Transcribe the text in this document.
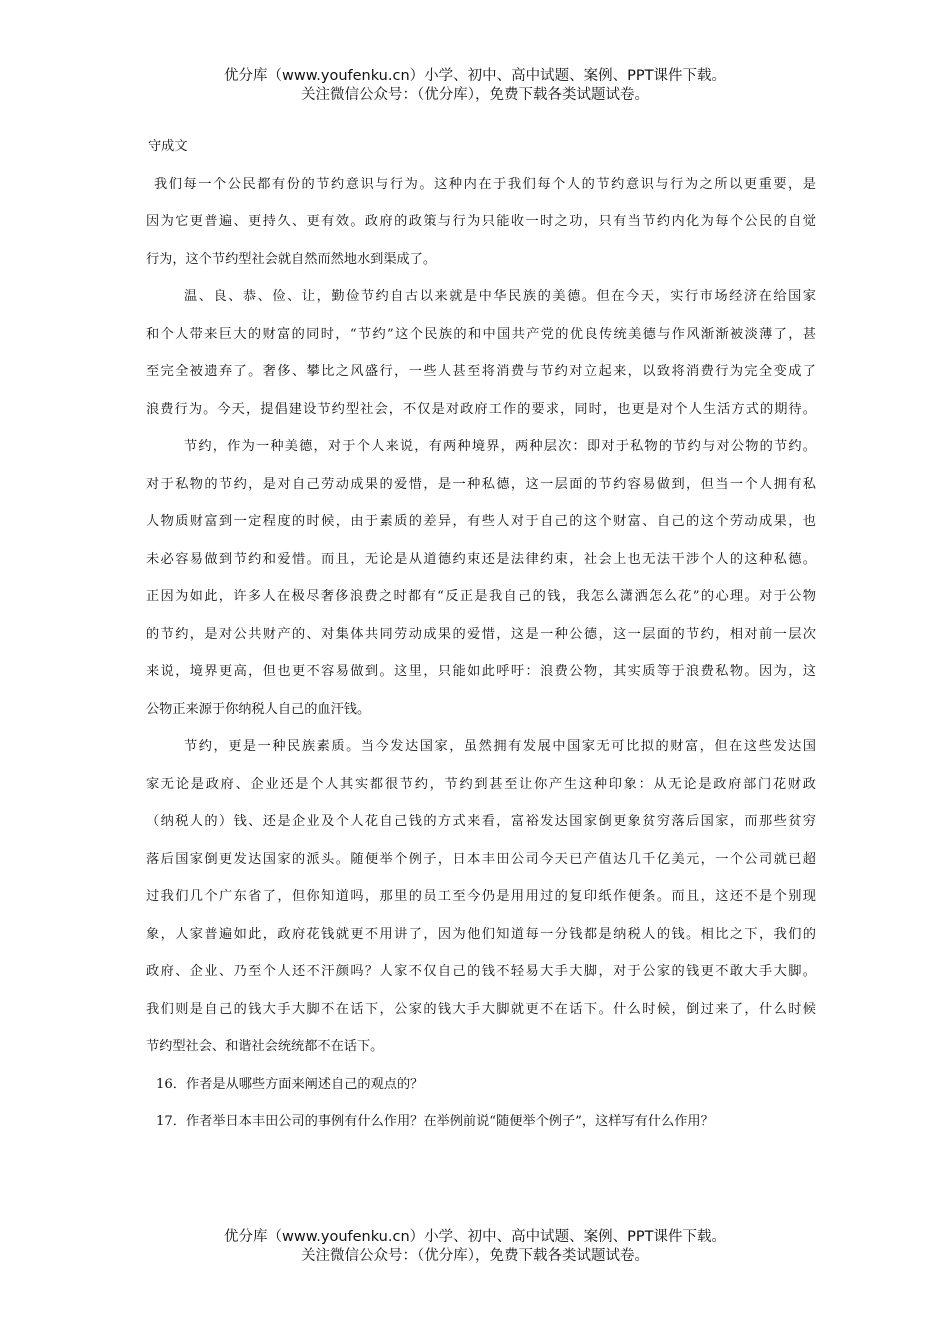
优分库（www.youfenku.cn）小学、初中、高中试题、案例、PPT课件下载。
关注微信公众号：（优分库），免费下载各类试题试卷。
守成文
我们每一个公民都有份的节约意识与行为。这种内在于我们每个人的节约意识与行为之所以更重要，是
因为它更普遍、更持久、更有效。政府的政策与行为只能收一时之功，只有当节约内化为每个公民的自觉
行为，这个节约型社会就自然而然地水到渠成了。
温、良、恭、俭、让，勤俭节约自古以来就是中华民族的美德。但在今天，实行市场经济在给国家
和个人带来巨大的财富的同时，“节约”这个民族的和中国共产党的优良传统美德与作风渐渐被淡薄了，甚
至完全被遗弃了。奢侈、攀比之风盛行，一些人甚至将消费与节约对立起来，以致将消费行为完全变成了
浪费行为。今天，提倡建设节约型社会，不仅是对政府工作的要求，同时，也更是对个人生活方式的期待。
节约，作为一种美德，对于个人来说，有两种境界，两种层次：即对于私物的节约与对公物的节约。
对于私物的节约，是对自己劳动成果的爱惜，是一种私德，这一层面的节约容易做到，但当一个人拥有私
人物质财富到一定程度的时候，由于素质的差异，有些人对于自己的这个财富、自己的这个劳动成果，也
未必容易做到节约和爱惜。而且，无论是从道德约束还是法律约束，社会上也无法干涉个人的这种私德。
正因为如此，许多人在极尽奢侈浪费之时都有“反正是我自己的钱，我怎么潇洒怎么花”的心理。对于公物
的节约，是对公共财产的、对集体共同劳动成果的爱惜，这是一种公德，这一层面的节约，相对前一层次
来说，境界更高，但也更不容易做到。这里，只能如此呼吁：浪费公物，其实质等于浪费私物。因为，这
公物正来源于你纳税人自己的血汗钱。
节约，更是一种民族素质。当今发达国家，虽然拥有发展中国家无可比拟的财富，但在这些发达国
家无论是政府、企业还是个人其实都很节约，节约到甚至让你产生这种印象：从无论是政府部门花财政
（纳税人的）钱、还是企业及个人花自己钱的方式来看，富裕发达国家倒更象贫穷落后国家，而那些贫穷
落后国家倒更发达国家的派头。随便举个例子，日本丰田公司今天已产值达几千亿美元，一个公司就已超
过我们几个广东省了，但你知道吗，那里的员工至今仍是用用过的复印纸作便条。而且，这还不是个别现
象，人家普遍如此，政府花钱就更不用讲了，因为他们知道每一分钱都是纳税人的钱。相比之下，我们的
政府、企业、乃至个人还不汗颜吗？人家不仅自己的钱不轻易大手大脚，对于公家的钱更不敢大手大脚。
我们则是自己的钱大手大脚不在话下，公家的钱大手大脚就更不在话下。什么时候，倒过来了，什么时候
节约型社会、和谐社会统统都不在话下。
16．作者是从哪些方面来阐述自己的观点的？
17．作者举日本丰田公司的事例有什么作用？在举例前说“随便举个例子”，这样写有什么作用？
优分库（www.youfenku.cn）小学、初中、高中试题、案例、PPT课件下载。
关注微信公众号：（优分库），免费下载各类试题试卷。
